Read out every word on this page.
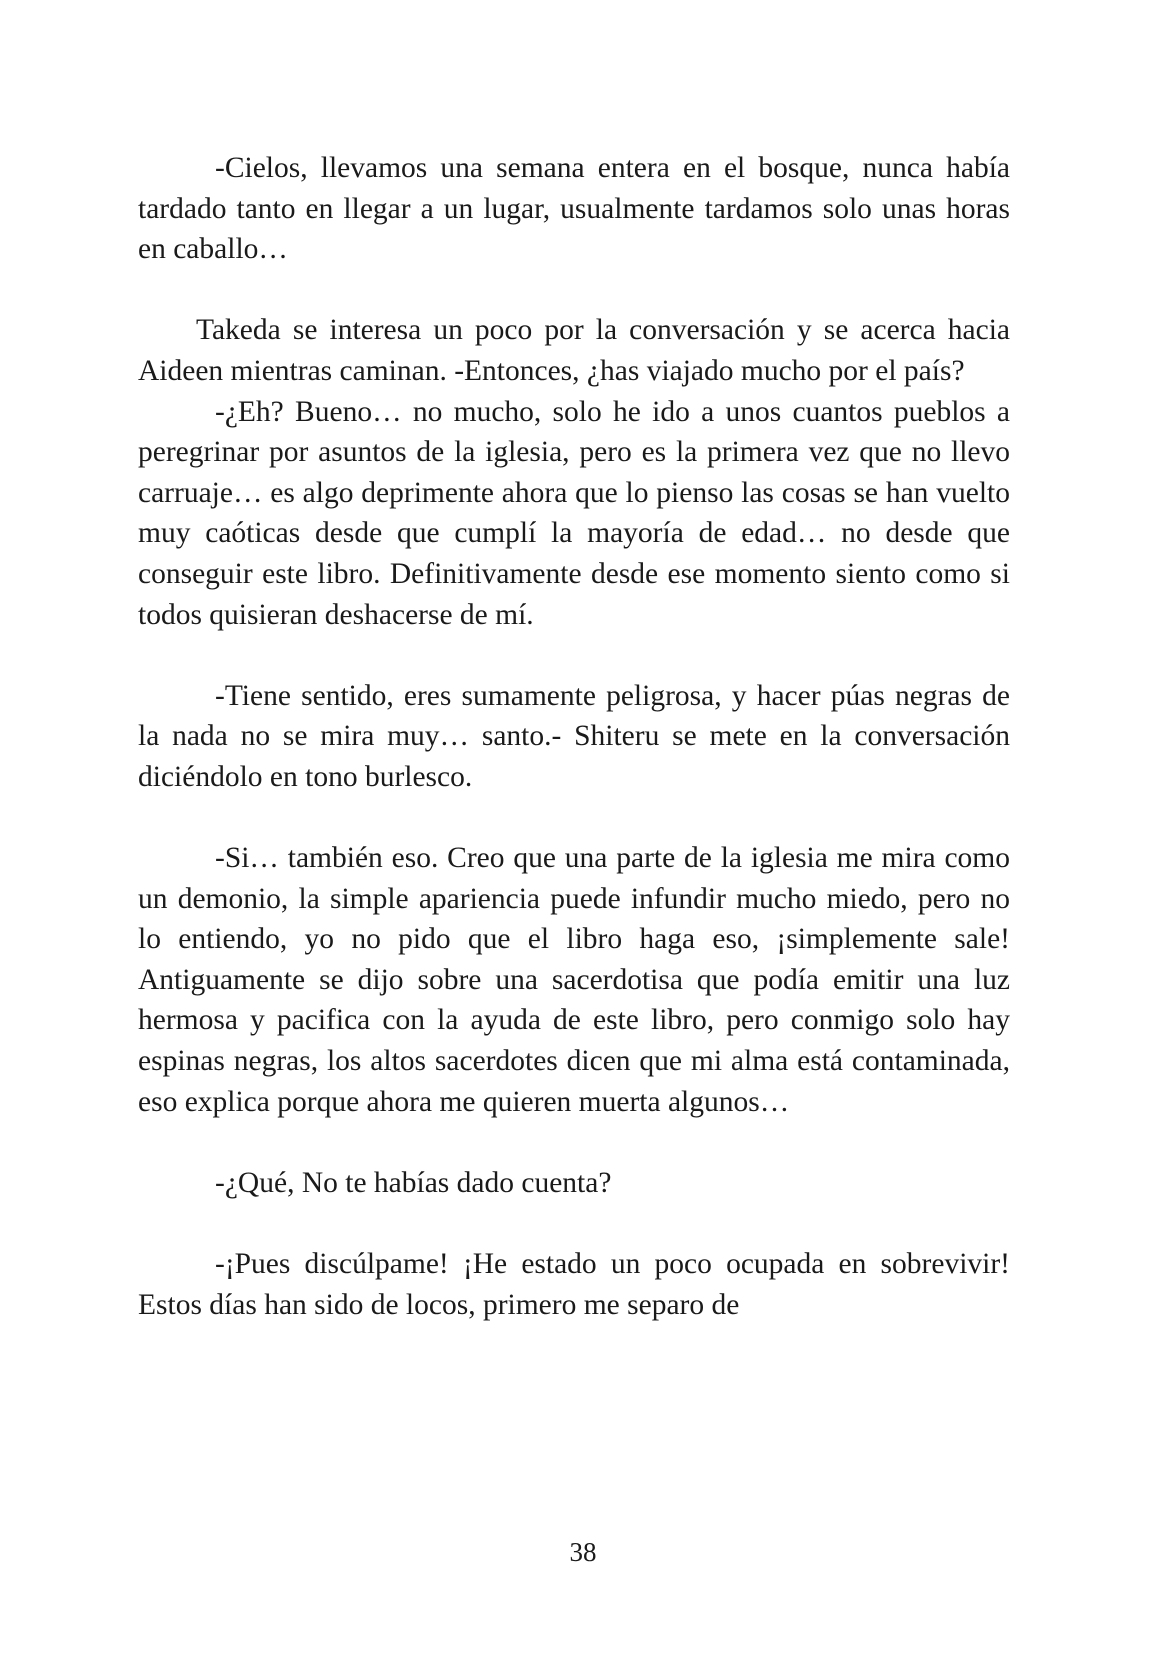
-Cielos, llevamos una semana entera en el bosque, nunca había tardado tanto en llegar a un lugar, usualmente tardamos solo unas horas en caballo…

Takeda se interesa un poco por la conversación y se acerca hacia Aideen mientras caminan. -Entonces, ¿has viajado mucho por el país?

-¿Eh? Bueno… no mucho, solo he ido a unos cuantos pueblos a peregrinar por asuntos de la iglesia, pero es la primera vez que no llevo carruaje… es algo deprimente ahora que lo pienso las cosas se han vuelto muy caóticas desde que cumplí la mayoría de edad… no desde que conseguir este libro. Definitivamente desde ese momento siento como si todos quisieran deshacerse de mí.

-Tiene sentido, eres sumamente peligrosa, y hacer púas negras de la nada no se mira muy… santo.- Shiteru se mete en la conversación diciéndolo en tono burlesco.

-Si… también eso. Creo que una parte de la iglesia me mira como un demonio, la simple apariencia puede infundir mucho miedo, pero no lo entiendo, yo no pido que el libro haga eso, ¡simplemente sale! Antiguamente se dijo sobre una sacerdotisa que podía emitir una luz hermosa y pacifica con la ayuda de este libro, pero conmigo solo hay espinas negras, los altos sacerdotes dicen que mi alma está contaminada, eso explica porque ahora me quieren muerta algunos…

-¿Qué, No te habías dado cuenta?

-¡Pues discúlpame! ¡He estado un poco ocupada en sobrevivir! Estos días han sido de locos, primero me separo de

38
